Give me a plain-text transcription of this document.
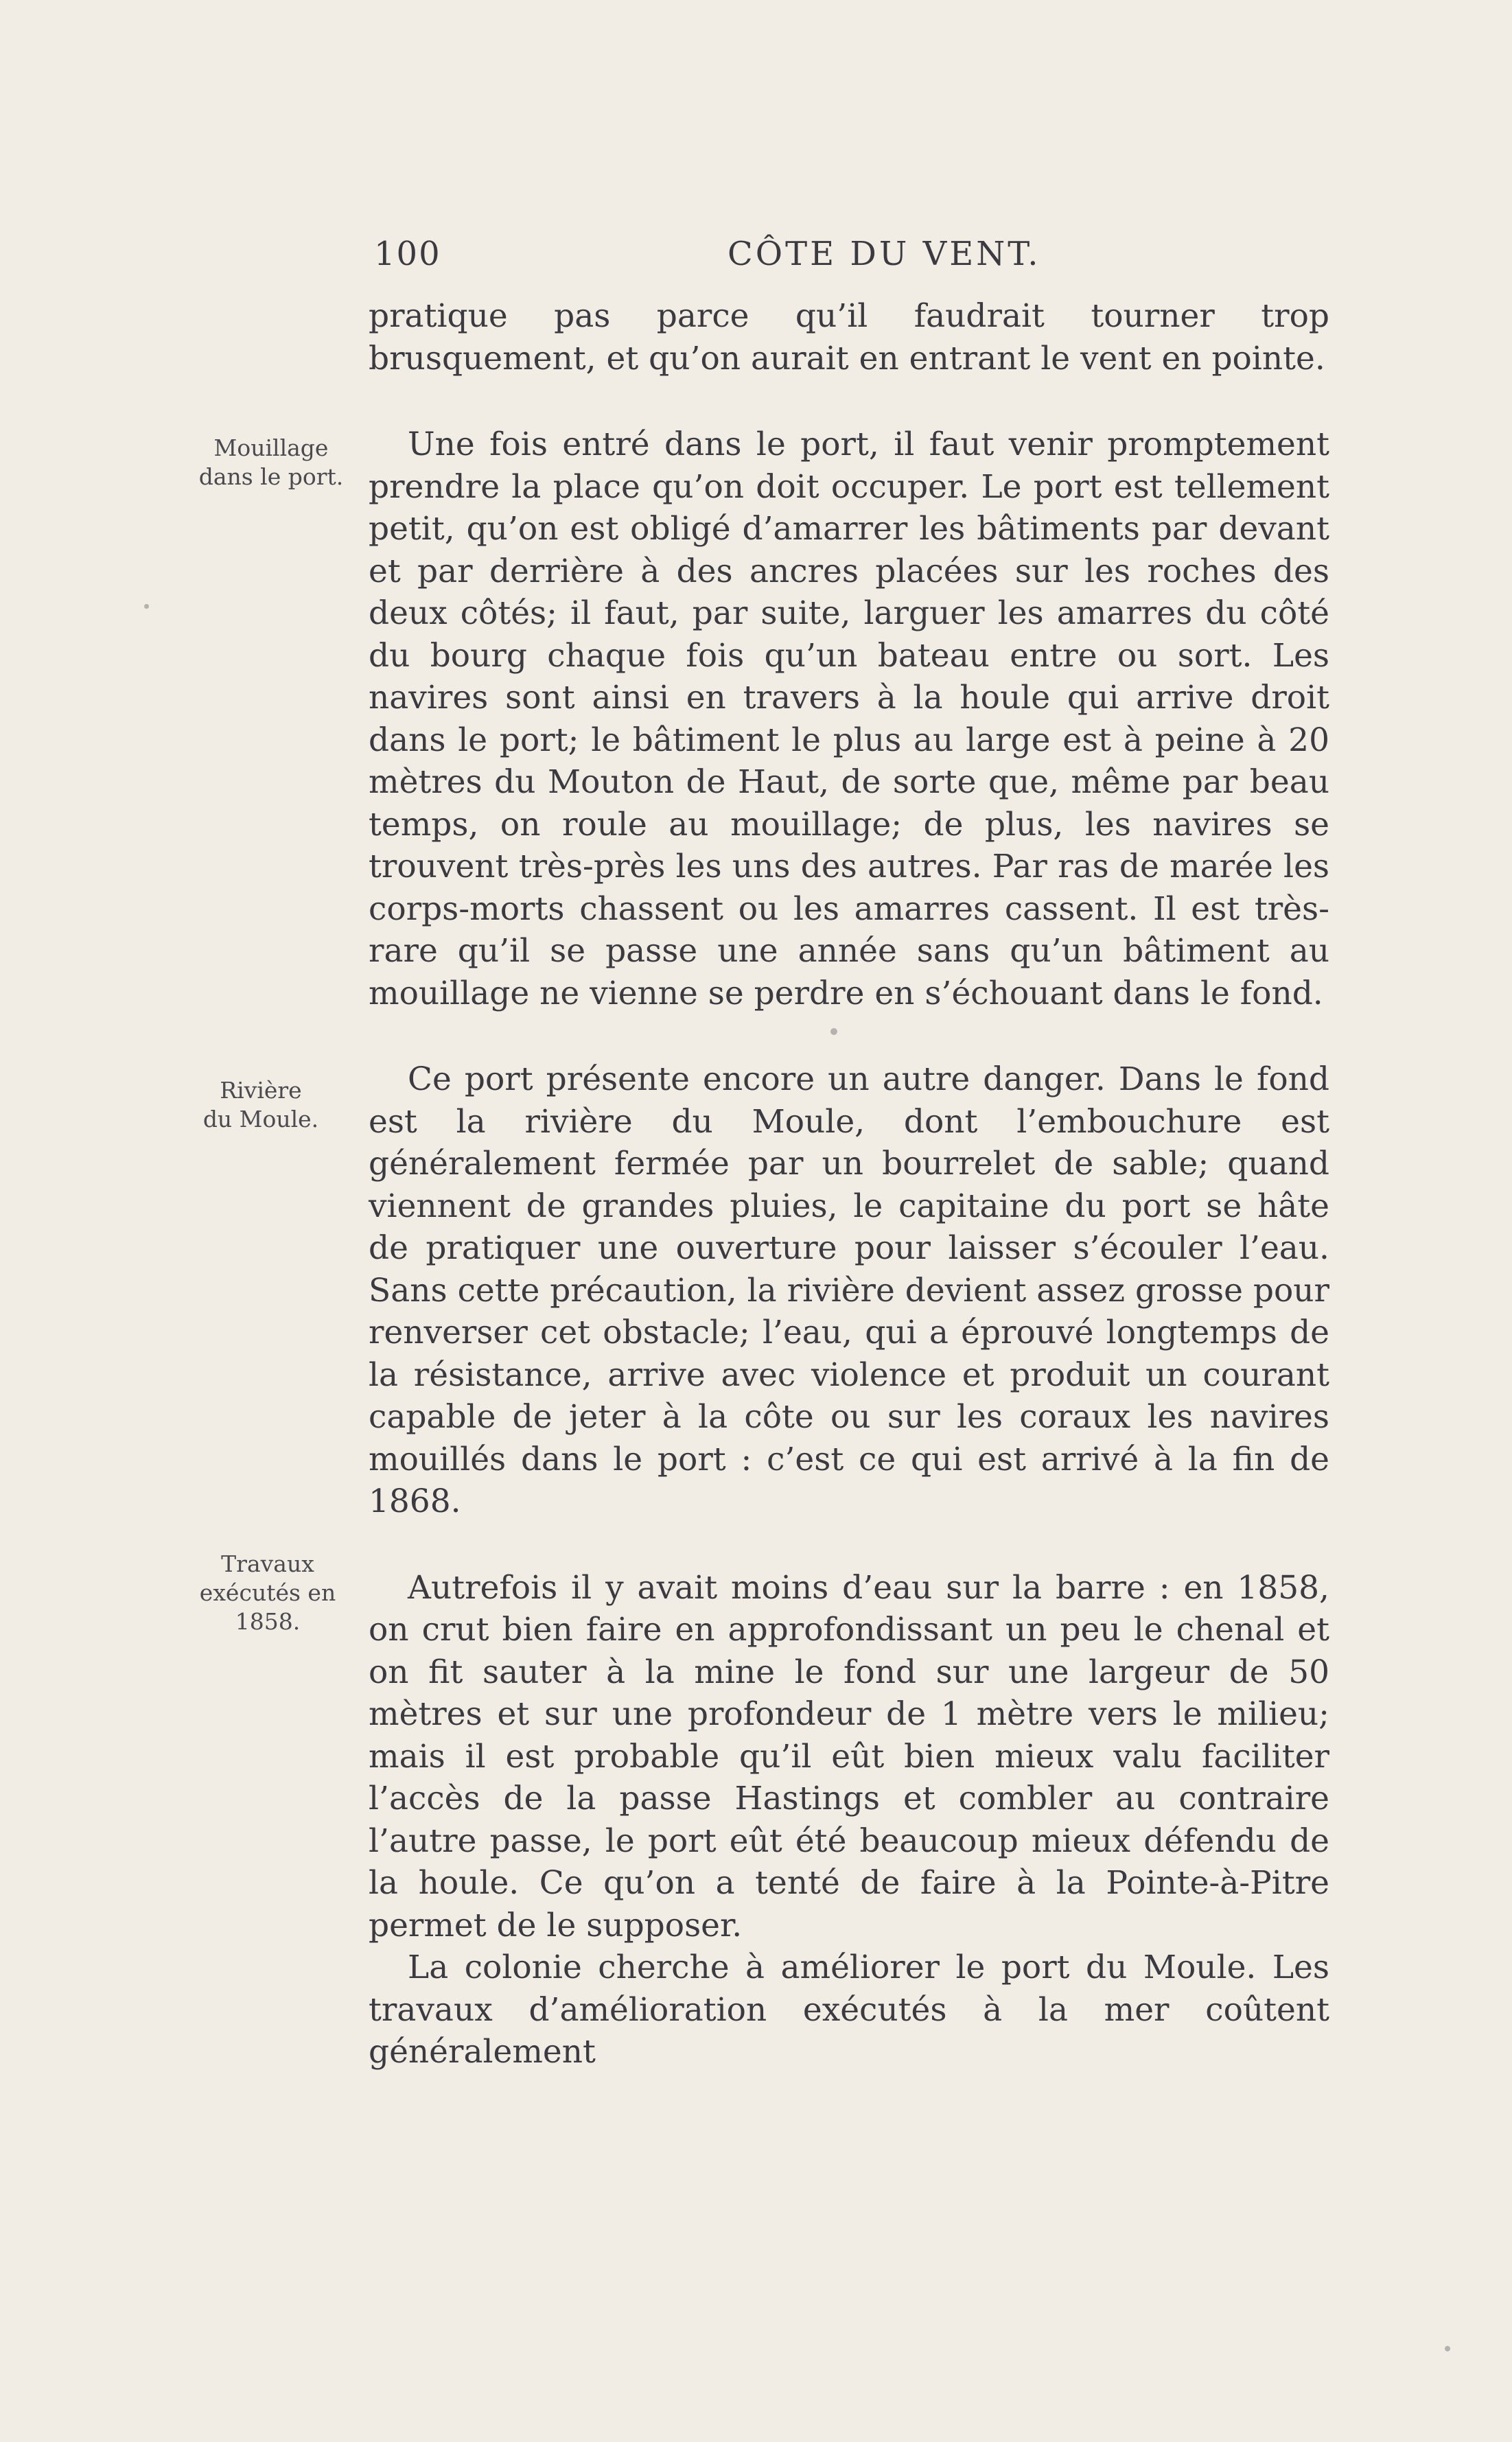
100	CÔTE DU VENT.
Mouillage
dans le port.
Rivière
du Moule.
Travaux
exécutés en 1858.

pratique pas parce qu’il faudrait tourner trop brusquement, et qu’on aurait en entrant le vent en pointe.

Une fois entré dans le port, il faut venir promptement prendre la place qu’on doit occuper. Le port est tellement petit, qu’on est obligé d’amarrer les bâtiments par devant et par derrière à des ancres placées sur les roches des deux côtés; il faut, par suite, larguer les amarres du côté du bourg chaque fois qu’un bateau entre ou sort. Les navires sont ainsi en travers à la houle qui arrive droit dans le port; le bâtiment le plus au large est à peine à 20 mètres du Mouton de Haut, de sorte que, même par beau temps, on roule au mouillage; de plus, les navires se trouvent très-près les uns des autres. Par ras de marée les corps-morts chassent ou les amarres cassent. Il est très-rare qu’il se passe une année sans qu’un bâtiment au mouillage ne vienne se perdre en s’échouant dans le fond.

Ce port présente encore un autre danger. Dans le fond est la rivière du Moule, dont l’embouchure est généralement fermée par un bourrelet de sable; quand viennent de grandes pluies, le capitaine du port se hâte de pratiquer une ouverture pour laisser s’écouler l’eau. Sans cette précaution, la rivière devient assez grosse pour renverser cet obstacle; l’eau, qui a éprouvé longtemps de la résistance, arrive avec violence et produit un courant capable de jeter à la côte ou sur les coraux les navires mouillés dans le port : c’est ce qui est arrivé à la fin de 1868.

Autrefois il y avait moins d’eau sur la barre : en 1858, on crut bien faire en approfondissant un peu le chenal et on fit sauter à la mine le fond sur une largeur de 50 mètres et sur une profondeur de 1 mètre vers le milieu; mais il est probable qu’il eût bien mieux valu faciliter l’accès de la passe Hastings et combler au contraire l’autre passe, le port eût été beaucoup mieux défendu de la houle. Ce qu’on a tenté de faire à la Pointe-à-Pitre permet de le supposer.

La colonie cherche à améliorer le port du Moule. Les travaux d’amélioration exécutés à la mer coûtent généralement
